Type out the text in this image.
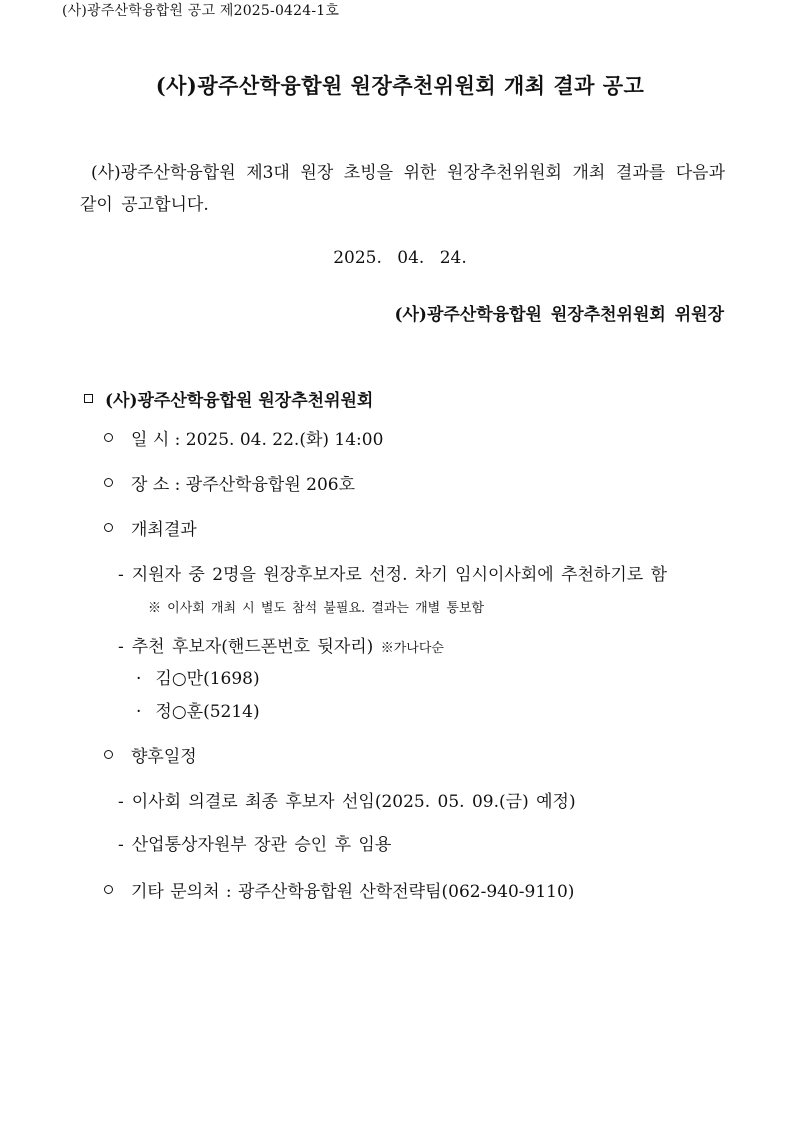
(사)광주산학융합원 공고 제2025-0424-1호
(사)광주산학융합원 원장추천위원회 개최 결과 공고
(사)광주산학융합원 제3대 원장 초빙을 위한 원장추천위원회 개최 결과를 다음과 같이 공고합니다.
2025. 04. 24.
(사)광주산학융합원 원장추천위원회 위원장
(사)광주산학융합원 원장추천위원회
일 시 : 2025. 04. 22.(화) 14:00
장 소 : 광주산학융합원 206호
개최결과
- 지원자 중 2명을 원장후보자로 선정. 차기 임시이사회에 추천하기로 함
※ 이사회 개최 시 별도 참석 불필요. 결과는 개별 통보함
- 추천 후보자(핸드폰번호 뒷자리) ※가나다순
· 김○만(1698)
· 정○훈(5214)
향후일정
- 이사회 의결로 최종 후보자 선임(2025. 05. 09.(금) 예정)
- 산업통상자원부 장관 승인 후 임용
기타 문의처 : 광주산학융합원 산학전략팀(062-940-9110)
